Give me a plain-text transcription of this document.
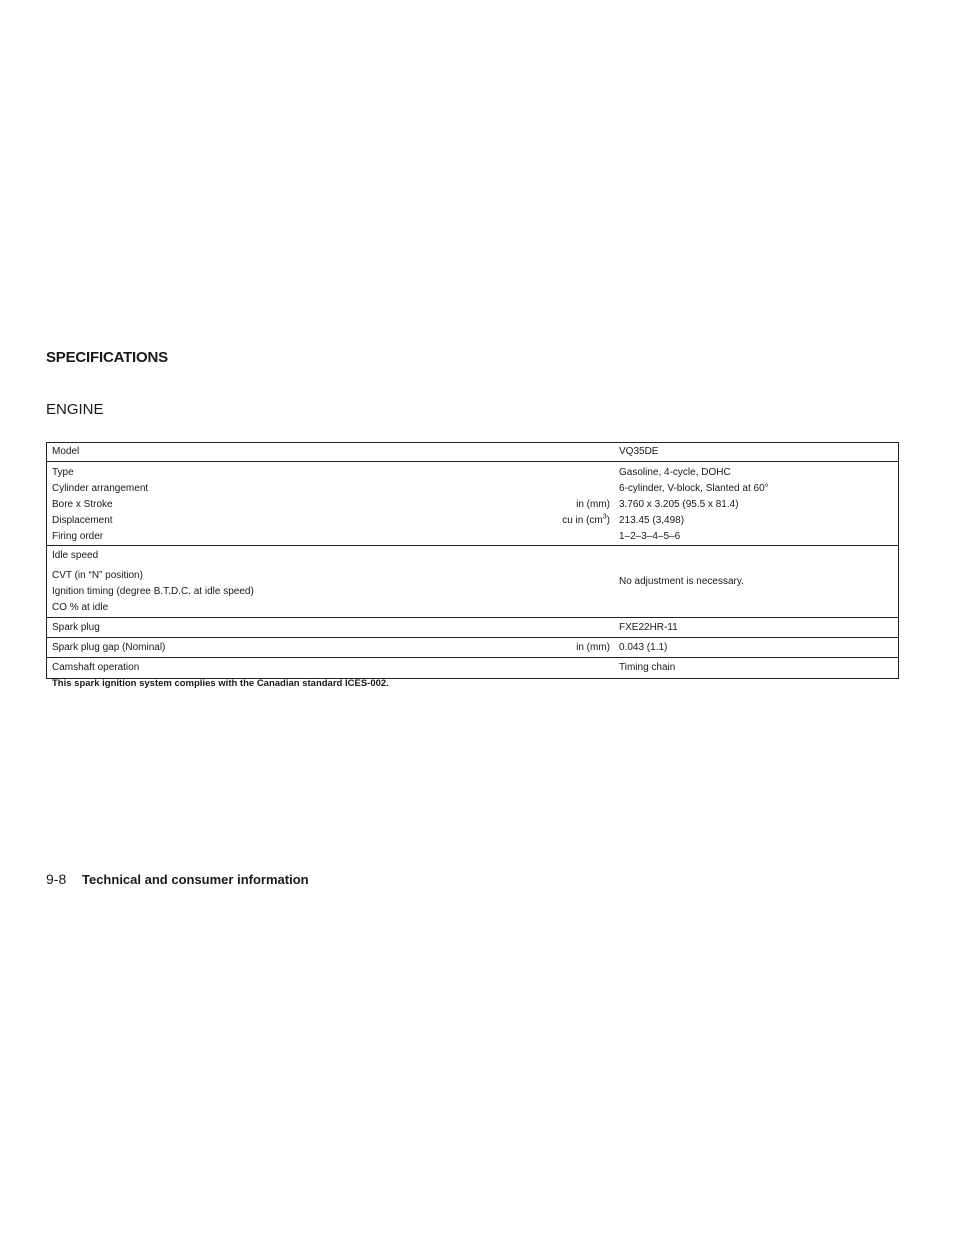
SPECIFICATIONS
ENGINE
Model	VQ35DE
Type	Gasoline, 4-cycle, DOHC
Cylinder arrangement	6-cylinder, V-block, Slanted at 60°
Bore x Stroke	in (mm) 3.760 x 3.205 (95.5 x 81.4)
Displacement	cu in $(cm^3)$ 213.45 (3,498)
Firing order	1–2–3–4–5–6
Idle speed
CVT (in “N” position)
Ignition timing (degree B.T.D.C. at idle speed)
CO % at idle
No adjustment is necessary.
Spark plug	FXE22HR-11
Spark plug gap (Nominal)	in (mm) 0.043 (1.1)
Camshaft operation	Timing chain
This spark ignition system complies with the Canadian standard ICES-002.
9-8 Technical and consumer information
